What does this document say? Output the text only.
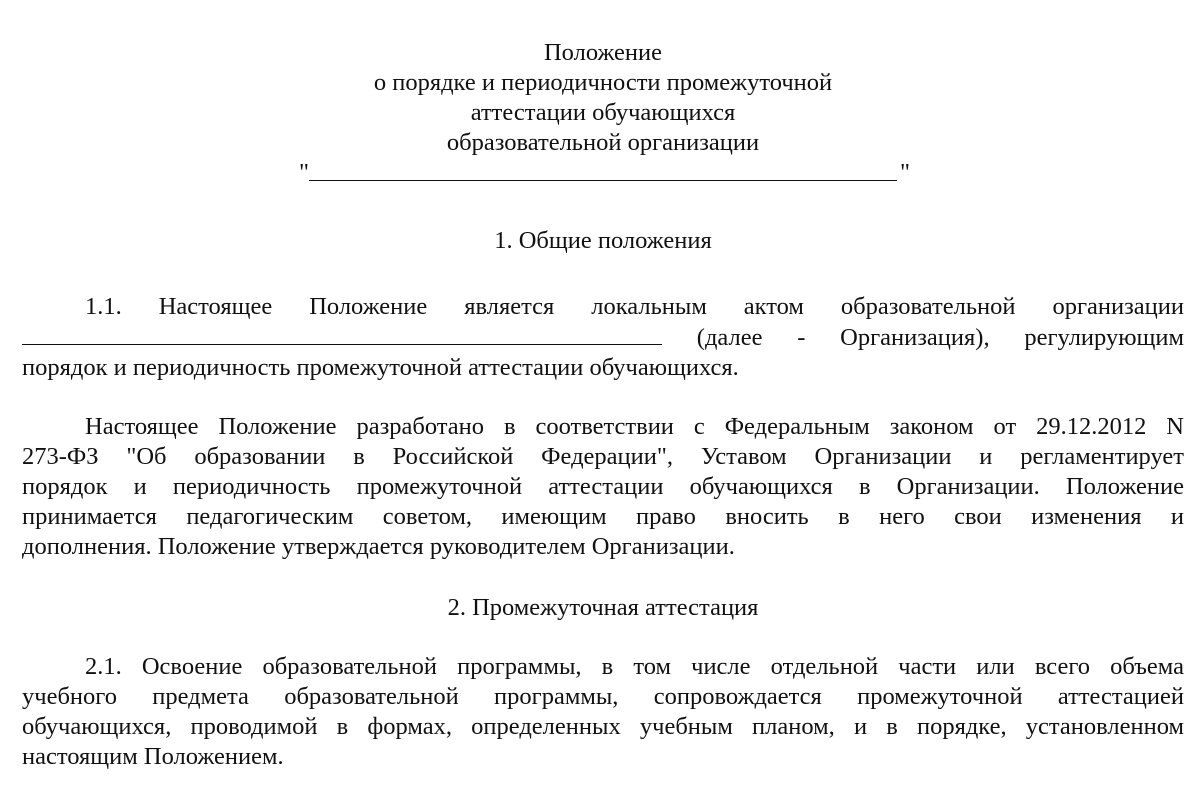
Положение
о порядке и периодичности промежуточной
аттестации обучающихся
образовательной организации
"	"
1. Общие положения
1.1. Настоящее Положение является локальным актом образовательной организации
(далее - Организация), регулирующим
порядок и периодичность промежуточной аттестации обучающихся.
Настоящее Положение разработано в соответствии с Федеральным законом от 29.12.2012 N
273-ФЗ "Об образовании в Российской Федерации", Уставом Организации и регламентирует
порядок и периодичность промежуточной аттестации обучающихся в Организации. Положение
принимается педагогическим советом, имеющим право вносить в него свои изменения и
дополнения. Положение утверждается руководителем Организации.
2. Промежуточная аттестация
2.1. Освоение образовательной программы, в том числе отдельной части или всего объема
учебного предмета образовательной программы, сопровождается промежуточной аттестацией
обучающихся, проводимой в формах, определенных учебным планом, и в порядке, установленном
настоящим Положением.
